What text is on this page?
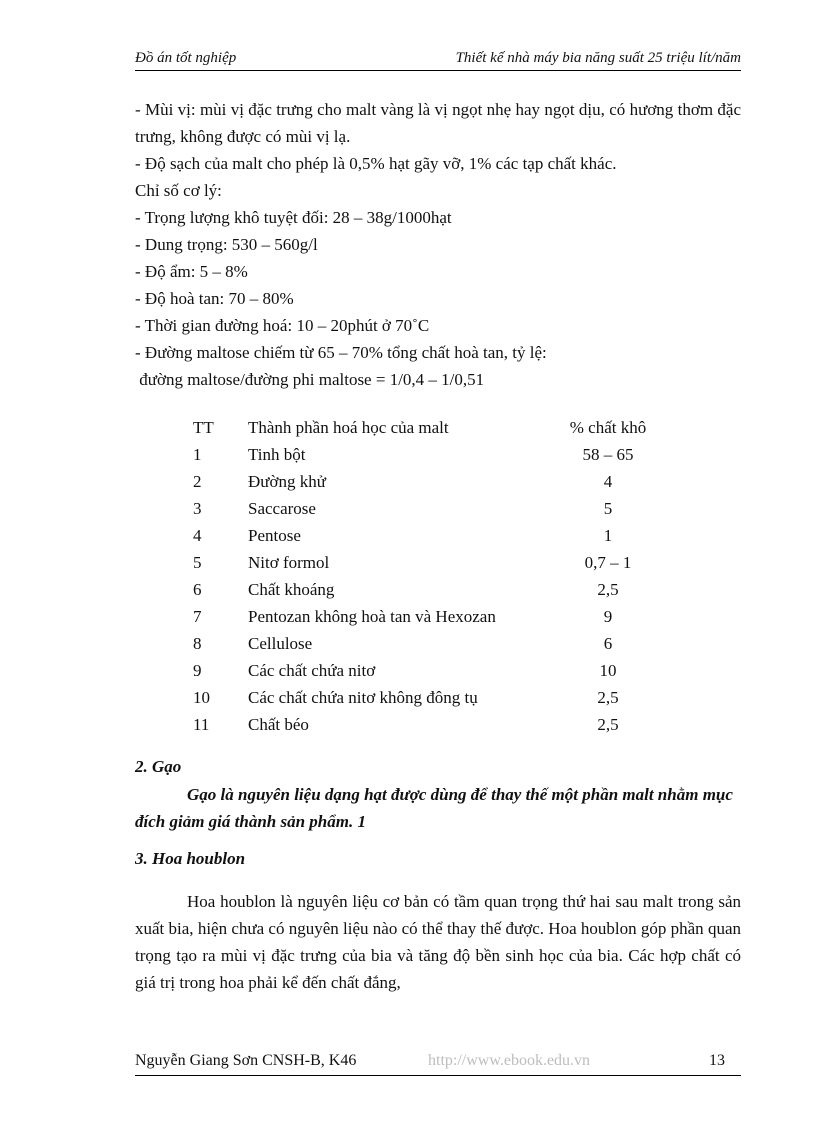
Đồ án tốt nghiệp	Thiết kế nhà máy bia năng suất 25 triệu lít/năm

- Mùi vị: mùi vị đặc trưng cho malt vàng là vị ngọt nhẹ hay ngọt dịu, có hương thơm đặc trưng, không được có mùi vị lạ.

- Độ sạch của malt cho phép là 0,5% hạt gãy vỡ, 1% các tạp chất khác.

Chỉ số cơ lý:

- Trọng lượng khô tuyệt đối: 28 – 38g/1000hạt

- Dung trọng: 530 – 560g/l

- Độ ẩm: 5 – 8%

- Độ hoà tan: 70 – 80%

- Thời gian đường hoá: 10 – 20phút ở 70˚C

- Đường maltose chiếm từ 65 – 70% tổng chất hoà tan, tỷ lệ:

đường maltose/đường phi maltose = 1/0,4 – 1/0,51

TT	Thành phần hoá học của malt	% chất khô
1	Tinh bột	58 – 65
2	Đường khử	4
3	Saccarose	5
4	Pentose	1
5	Nitơ formol	0,7 – 1
6	Chất khoáng	2,5
7	Pentozan không hoà tan và Hexozan	9
8	Cellulose	6
9	Các chất chứa nitơ	10
10	Các chất chứa nitơ không đông tụ	2,5
11	Chất béo	2,5
2. Gạo

Gạo là nguyên liệu dạng hạt được dùng để thay thế một phần malt nhằm mục đích giảm giá thành sản phẩm. 1

3. Hoa houblon

Hoa houblon là nguyên liệu cơ bản có tầm quan trọng thứ hai sau malt trong sản xuất bia, hiện chưa có nguyên liệu nào có thể thay thế được. Hoa houblon góp phần quan trọng tạo ra mùi vị đặc trưng của bia và tăng độ bền sinh học của bia. Các hợp chất có giá trị trong hoa phải kể đến chất đắng,

Nguyễn Giang Sơn CNSH-B, K46	http://www.ebook.edu.vn	13
